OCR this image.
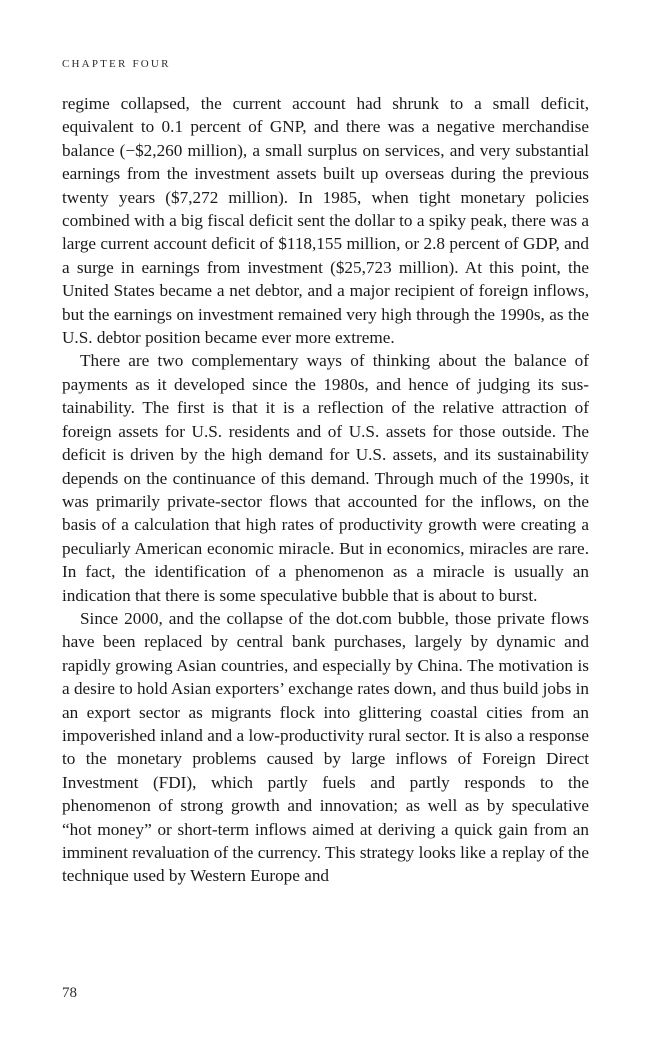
CHAPTER FOUR

regime collapsed, the current account had shrunk to a small deficit, equivalent to 0.1 percent of GNP, and there was a negative merchandise balance (−$2,260 million), a small surplus on services, and very substantial earnings from the investment assets built up overseas during the previous twenty years ($7,272 million). In 1985, when tight monetary policies combined with a big fiscal deficit sent the dollar to a spiky peak, there was a large current account deficit of $118,155 million, or 2.8 percent of GDP, and a surge in earnings from investment ($25,723 million). At this point, the United States became a net debtor, and a major recipient of foreign inflows, but the earnings on investment remained very high through the 1990s, as the U.S. debtor position became ever more extreme.

There are two complementary ways of thinking about the balance of payments as it developed since the 1980s, and hence of judging its sustainability. The first is that it is a reflection of the relative attraction of foreign assets for U.S. residents and of U.S. assets for those outside. The deficit is driven by the high demand for U.S. assets, and its sustainability depends on the continuance of this demand. Through much of the 1990s, it was primarily private-sector flows that accounted for the inflows, on the basis of a calculation that high rates of productivity growth were creating a peculiarly American economic miracle. But in economics, miracles are rare. In fact, the identification of a phenomenon as a miracle is usually an indication that there is some speculative bubble that is about to burst.

Since 2000, and the collapse of the dot.com bubble, those private flows have been replaced by central bank purchases, largely by dynamic and rapidly growing Asian countries, and especially by China. The motivation is a desire to hold Asian exporters’ exchange rates down, and thus build jobs in an export sector as migrants flock into glittering coastal cities from an impoverished inland and a low-productivity rural sector. It is also a response to the monetary problems caused by large inflows of Foreign Direct Investment (FDI), which partly fuels and partly responds to the phenomenon of strong growth and innovation; as well as by speculative “hot money” or short-term inflows aimed at deriving a quick gain from an imminent revaluation of the currency. This strategy looks like a replay of the technique used by Western Europe and

78
